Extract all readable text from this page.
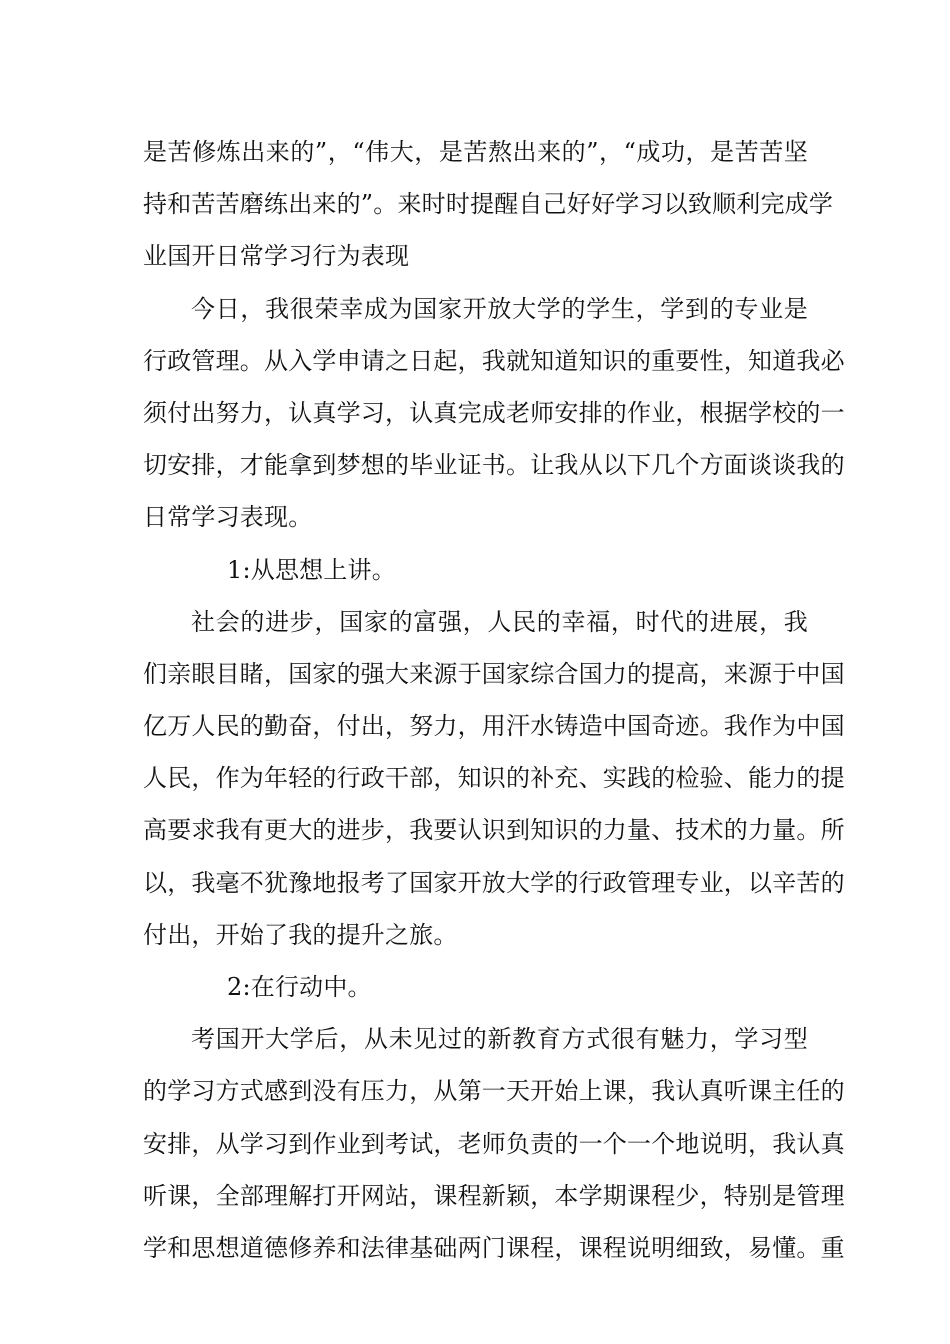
是苦修炼出来的”，“伟大，是苦熬出来的”，“成功，是苦苦坚
持和苦苦磨练出来的”。来时时提醒自己好好学习以致顺利完成学
业国开日常学习行为表现
今日，我很荣幸成为国家开放大学的学生，学到的专业是
行政管理。从入学申请之日起，我就知道知识的重要性，知道我必
须付出努力，认真学习，认真完成老师安排的作业，根据学校的一
切安排，才能拿到梦想的毕业证书。让我从以下几个方面谈谈我的
日常学习表现。
1:从思想上讲。
社会的进步，国家的富强，人民的幸福，时代的进展，我
们亲眼目睹，国家的强大来源于国家综合国力的提高，来源于中国
亿万人民的勤奋，付出，努力，用汗水铸造中国奇迹。我作为中国
人民，作为年轻的行政干部，知识的补充、实践的检验、能力的提
高要求我有更大的进步，我要认识到知识的力量、技术的力量。所
以，我毫不犹豫地报考了国家开放大学的行政管理专业，以辛苦的
付出，开始了我的提升之旅。
2:在行动中。
考国开大学后，从未见过的新教育方式很有魅力，学习型
的学习方式感到没有压力，从第一天开始上课，我认真听课主任的
安排，从学习到作业到考试，老师负责的一个一个地说明，我认真
听课，全部理解打开网站，课程新颖，本学期课程少，特别是管理
学和思想道德修养和法律基础两门课程，课程说明细致，易懂。重
